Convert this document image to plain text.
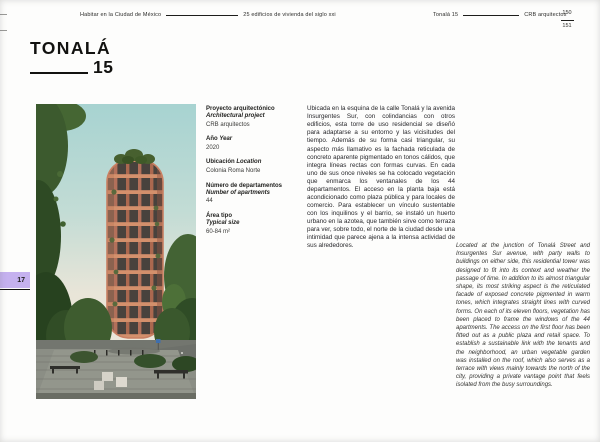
Habitar en la Ciudad de México	25 edificios de vivienda del siglo xxi	Tonalá 15	CRB arquitectos
150
151
TONALÁ
15
17
Proyecto arquitectónico
Architectural project
CRB arquitectos
Año Year
2020
Ubicación Location
Colonia Roma Norte
Número de departamentos
Number of apartments
44
Área tipo
Typical size
60-84 m²

Ubicada en la esquina de la calle Tonalá y la avenida Insurgentes Sur, con colindancias con otros edificios, esta torre de uso residencial se diseñó para adaptarse a su entorno y las vicisitudes del tiempo. Además de su forma casi triangular, su aspecto más llamativo es la fachada reticulada de concreto aparente pigmentado en tonos cálidos, que integra líneas rectas con formas curvas. En cada uno de sus once niveles se ha colocado vegetación que enmarca los ventanales de los 44 departamentos. El acceso en la planta baja está acondicionado como plaza pública y para locales de comercio. Para establecer un vínculo sustentable con los inquilinos y el barrio, se instaló un huerto urbano en la azotea, que también sirve como terraza para ver, sobre todo, el norte de la ciudad desde una intimidad que parece ajena a la intensa actividad de sus alrededores.	Located at the junction of Tonalá Street and Insurgentes Sur avenue, with party walls to buildings on either side, this residential tower was designed to fit into its context and weather the passage of time. In addition to its almost triangular shape, its most striking aspect is the reticulated facade of exposed concrete pigmented in warm tones, which integrates straight lines with curved forms. On each of its eleven floors, vegetation has been placed to frame the windows of the 44 apartments. The access on the first floor has been fitted out as a public plaza and retail space. To establish a sustainable link with the tenants and the neighborhood, an urban vegetable garden was installed on the roof, which also serves as a terrace with views mainly towards the north of the city, providing a private vantage point that feels isolated from the busy surroundings.
